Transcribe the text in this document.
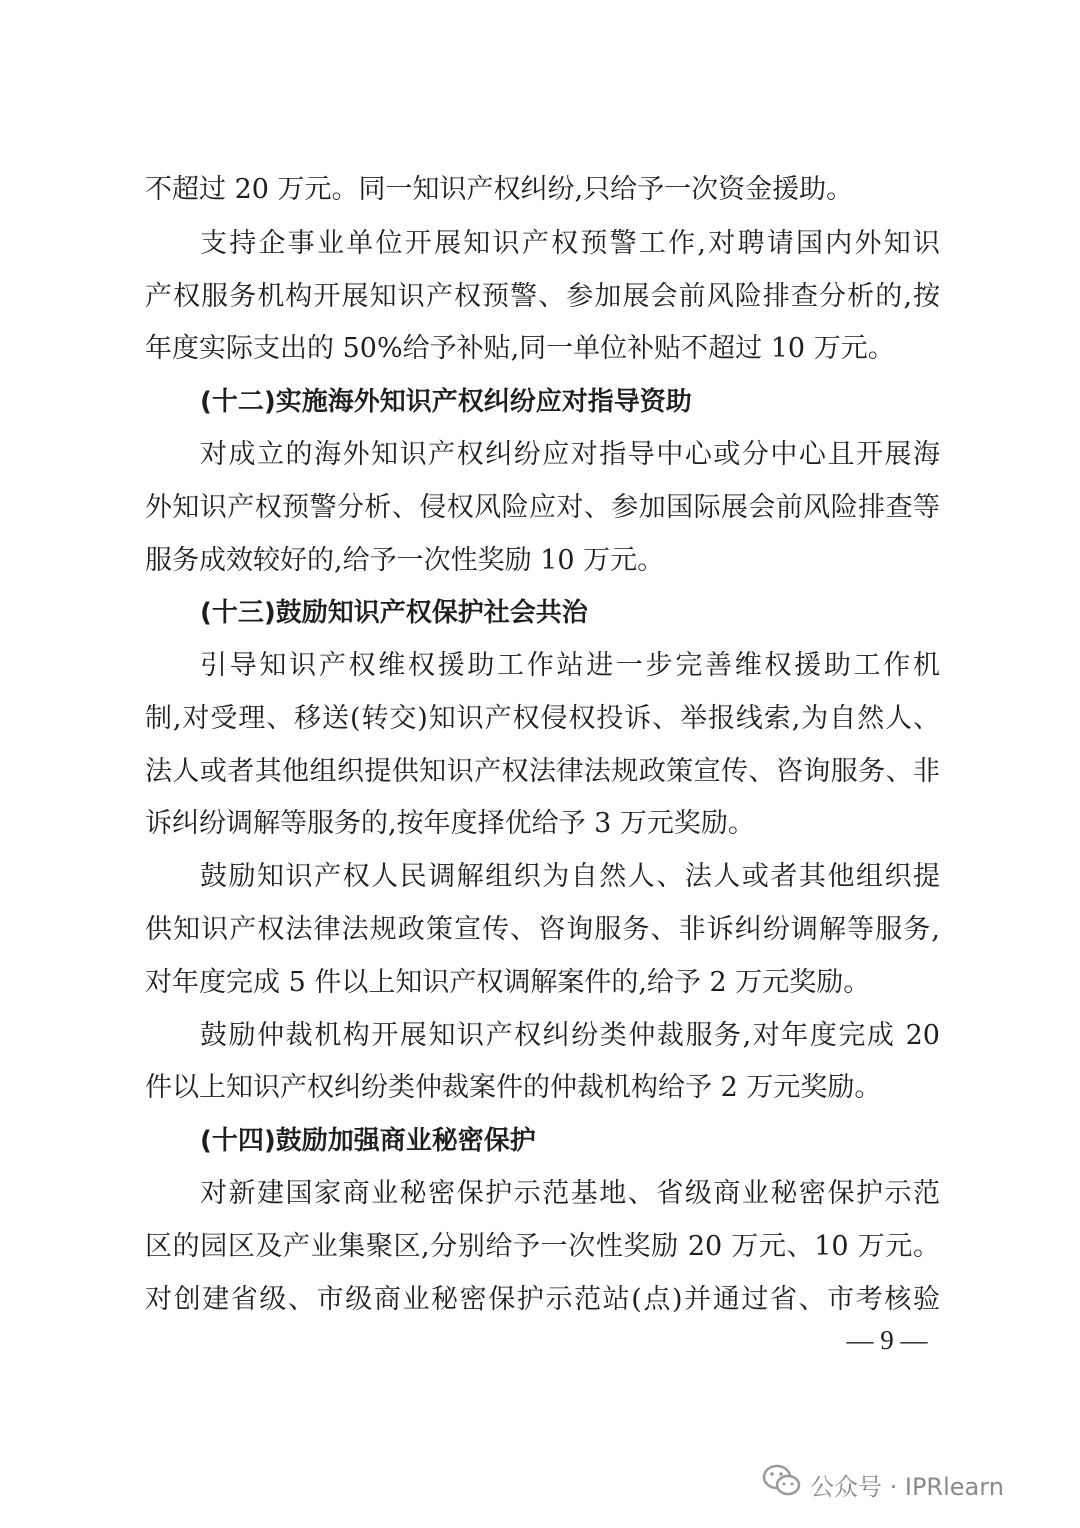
不超过 20 万元。同一知识产权纠纷,只给予一次资金援助。
支持企事业单位开展知识产权预警工作,对聘请国内外知识
产权服务机构开展知识产权预警、参加展会前风险排查分析的,按
年度实际支出的 50%给予补贴,同一单位补贴不超过 10 万元。
(十二)实施海外知识产权纠纷应对指导资助
对成立的海外知识产权纠纷应对指导中心或分中心且开展海
外知识产权预警分析、侵权风险应对、参加国际展会前风险排查等
服务成效较好的,给予一次性奖励 10 万元。
(十三)鼓励知识产权保护社会共治
引导知识产权维权援助工作站进一步完善维权援助工作机
制,对受理、移送(转交)知识产权侵权投诉、举报线索,为自然人、
法人或者其他组织提供知识产权法律法规政策宣传、咨询服务、非
诉纠纷调解等服务的,按年度择优给予 3 万元奖励。
鼓励知识产权人民调解组织为自然人、法人或者其他组织提
供知识产权法律法规政策宣传、咨询服务、非诉纠纷调解等服务,
对年度完成 5 件以上知识产权调解案件的,给予 2 万元奖励。
鼓励仲裁机构开展知识产权纠纷类仲裁服务,对年度完成 20
件以上知识产权纠纷类仲裁案件的仲裁机构给予 2 万元奖励。
(十四)鼓励加强商业秘密保护
对新建国家商业秘密保护示范基地、省级商业秘密保护示范
区的园区及产业集聚区,分别给予一次性奖励 20 万元、10 万元。
对创建省级、市级商业秘密保护示范站(点)并通过省、市考核验
— 9 —
公众号 · IPRlearn
